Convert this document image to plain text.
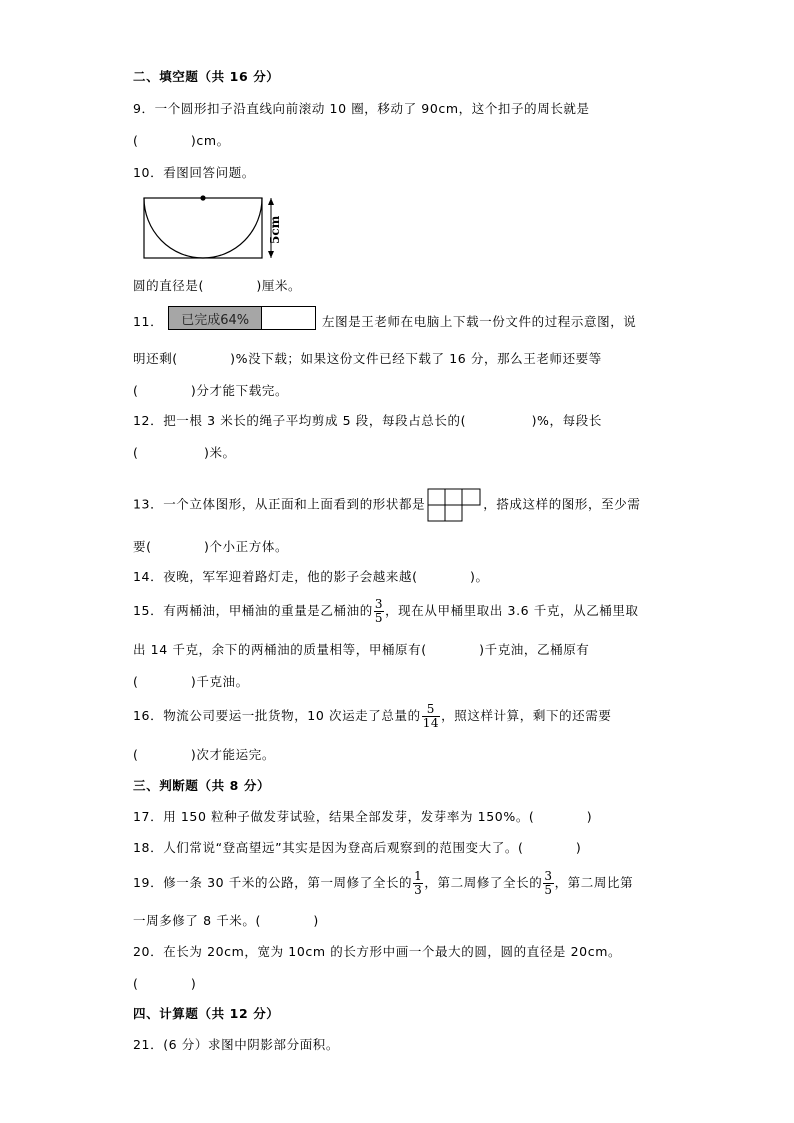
二、填空题（共 16 分）
9．一个圆形扣子沿直线向前滚动 10 圈，移动了 90cm，这个扣子的周长就是
(　　　　)cm。
10．看图回答问题。
5cm
圆的直径是(　　　　)厘米。
11．	已完成64%	左图是王老师在电脑上下载一份文件的过程示意图，说
明还剩(　　　　)%没下载；如果这份文件已经下载了 16 分，那么王老师还要等
(　　　　)分才能下载完。
12．把一根 3 米长的绳子平均剪成 5 段，每段占总长的(　　　　　)%，每段长
(　　　　　)米。
13．一个立体图形，从正面和上面看到的形状都是	，搭成这样的图形，至少需
要(　　　　)个小正方体。
14．夜晚，军军迎着路灯走，他的影子会越来越(　　　　)。
15．有两桶油，甲桶油的重量是乙桶油的 $\frac{3}{5}$ ，现在从甲桶里取出 3.6 千克，从乙桶里取
出 14 千克，余下的两桶油的质量相等，甲桶原有(　　　　)千克油，乙桶原有
(　　　　)千克油。
16．物流公司要运一批货物，10 次运走了总量的 $\frac{5}{14}$ ，照这样计算，剩下的还需要
(　　　　)次才能运完。
三、判断题（共 8 分）
17．用 150 粒种子做发芽试验，结果全部发芽，发芽率为 150%。(　　　　)
18．人们常说“登高望远”其实是因为登高后观察到的范围变大了。(　　　　)
19．修一条 30 千米的公路，第一周修了全长的 $\frac{1}{3}$ ，第二周修了全长的 $\frac{3}{5}$ ，第二周比第
一周多修了 8 千米。(　　　　)
20．在长为 20cm，宽为 10cm 的长方形中画一个最大的圆，圆的直径是 20cm。
(　　　　)
四、计算题（共 12 分）
21．(6 分）求图中阴影部分面积。
